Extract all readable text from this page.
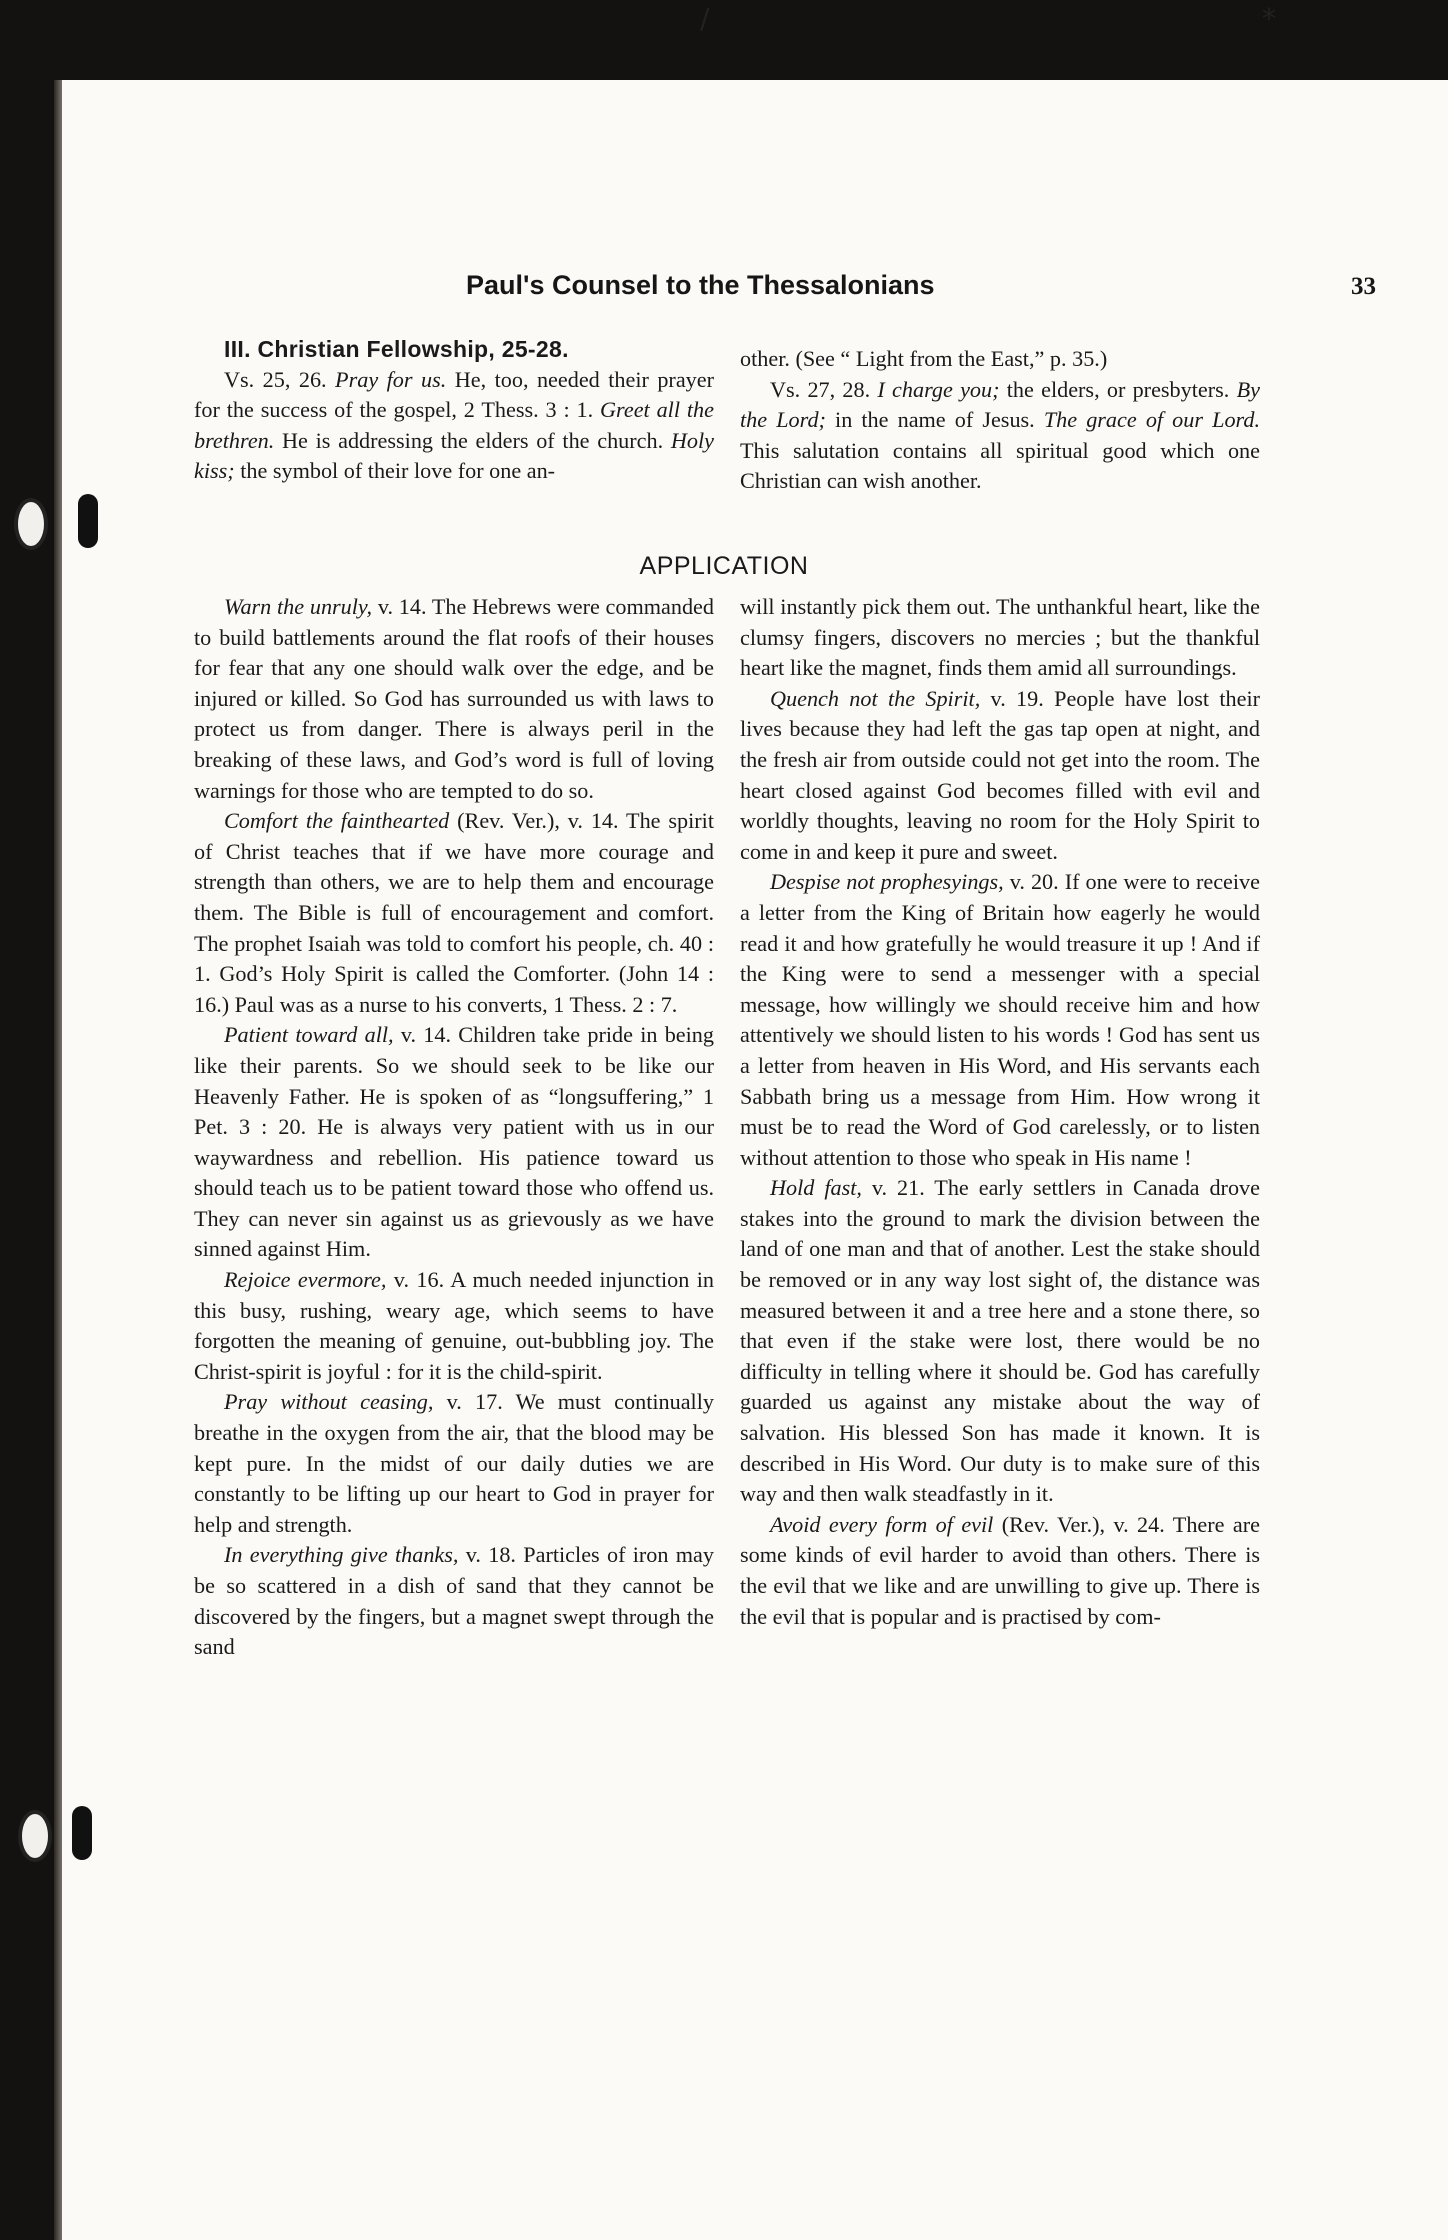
/	*
Paul's Counsel to the Thessalonians	33

III. Christian Fellowship, 25-28.

Vs. 25, 26. Pray for us. He, too, needed their prayer for the success of the gospel, 2 Thess. 3 : 1. Greet all the brethren. He is addressing the elders of the church. Holy kiss; the symbol of their love for one an-

other. (See “ Light from the East,” p. 35.)

Vs. 27, 28. I charge you; the elders, or presbyters. By the Lord; in the name of Jesus. The grace of our Lord. This salutation contains all spiritual good which one Christian can wish another.

APPLICATION

Warn the unruly, v. 14. The Hebrews were commanded to build battlements around the flat roofs of their houses for fear that any one should walk over the edge, and be injured or killed. So God has surrounded us with laws to protect us from danger. There is always peril in the breaking of these laws, and God’s word is full of loving warnings for those who are tempted to do so.

Comfort the fainthearted (Rev. Ver.), v. 14. The spirit of Christ teaches that if we have more courage and strength than others, we are to help them and encourage them. The Bible is full of encouragement and comfort. The prophet Isaiah was told to comfort his people, ch. 40 : 1. God’s Holy Spirit is called the Comforter. (John 14 : 16.) Paul was as a nurse to his converts, 1 Thess. 2 : 7.

Patient toward all, v. 14. Children take pride in being like their parents. So we should seek to be like our Heavenly Father. He is spoken of as “longsuffering,” 1 Pet. 3 : 20. He is always very patient with us in our waywardness and rebellion. His patience toward us should teach us to be patient toward those who offend us. They can never sin against us as grievously as we have sinned against Him.

Rejoice evermore, v. 16. A much needed injunction in this busy, rushing, weary age, which seems to have forgotten the meaning of genuine, out-bubbling joy. The Christ-spirit is joyful : for it is the child-spirit.

Pray without ceasing, v. 17. We must continually breathe in the oxygen from the air, that the blood may be kept pure. In the midst of our daily duties we are constantly to be lifting up our heart to God in prayer for help and strength.

In everything give thanks, v. 18. Particles of iron may be so scattered in a dish of sand that they cannot be discovered by the fingers, but a magnet swept through the sand

will instantly pick them out. The unthankful heart, like the clumsy fingers, discovers no mercies ; but the thankful heart like the magnet, finds them amid all surroundings.

Quench not the Spirit, v. 19. People have lost their lives because they had left the gas tap open at night, and the fresh air from outside could not get into the room. The heart closed against God becomes filled with evil and worldly thoughts, leaving no room for the Holy Spirit to come in and keep it pure and sweet.

Despise not prophesyings, v. 20. If one were to receive a letter from the King of Britain how eagerly he would read it and how gratefully he would treasure it up ! And if the King were to send a messenger with a special message, how willingly we should receive him and how attentively we should listen to his words ! God has sent us a letter from heaven in His Word, and His servants each Sabbath bring us a message from Him. How wrong it must be to read the Word of God carelessly, or to listen without attention to those who speak in His name !

Hold fast, v. 21. The early settlers in Canada drove stakes into the ground to mark the division between the land of one man and that of another. Lest the stake should be removed or in any way lost sight of, the distance was measured between it and a tree here and a stone there, so that even if the stake were lost, there would be no difficulty in telling where it should be. God has carefully guarded us against any mistake about the way of salvation. His blessed Son has made it known. It is described in His Word. Our duty is to make sure of this way and then walk steadfastly in it.

Avoid every form of evil (Rev. Ver.), v. 24. There are some kinds of evil harder to avoid than others. There is the evil that we like and are unwilling to give up. There is the evil that is popular and is practised by com-
